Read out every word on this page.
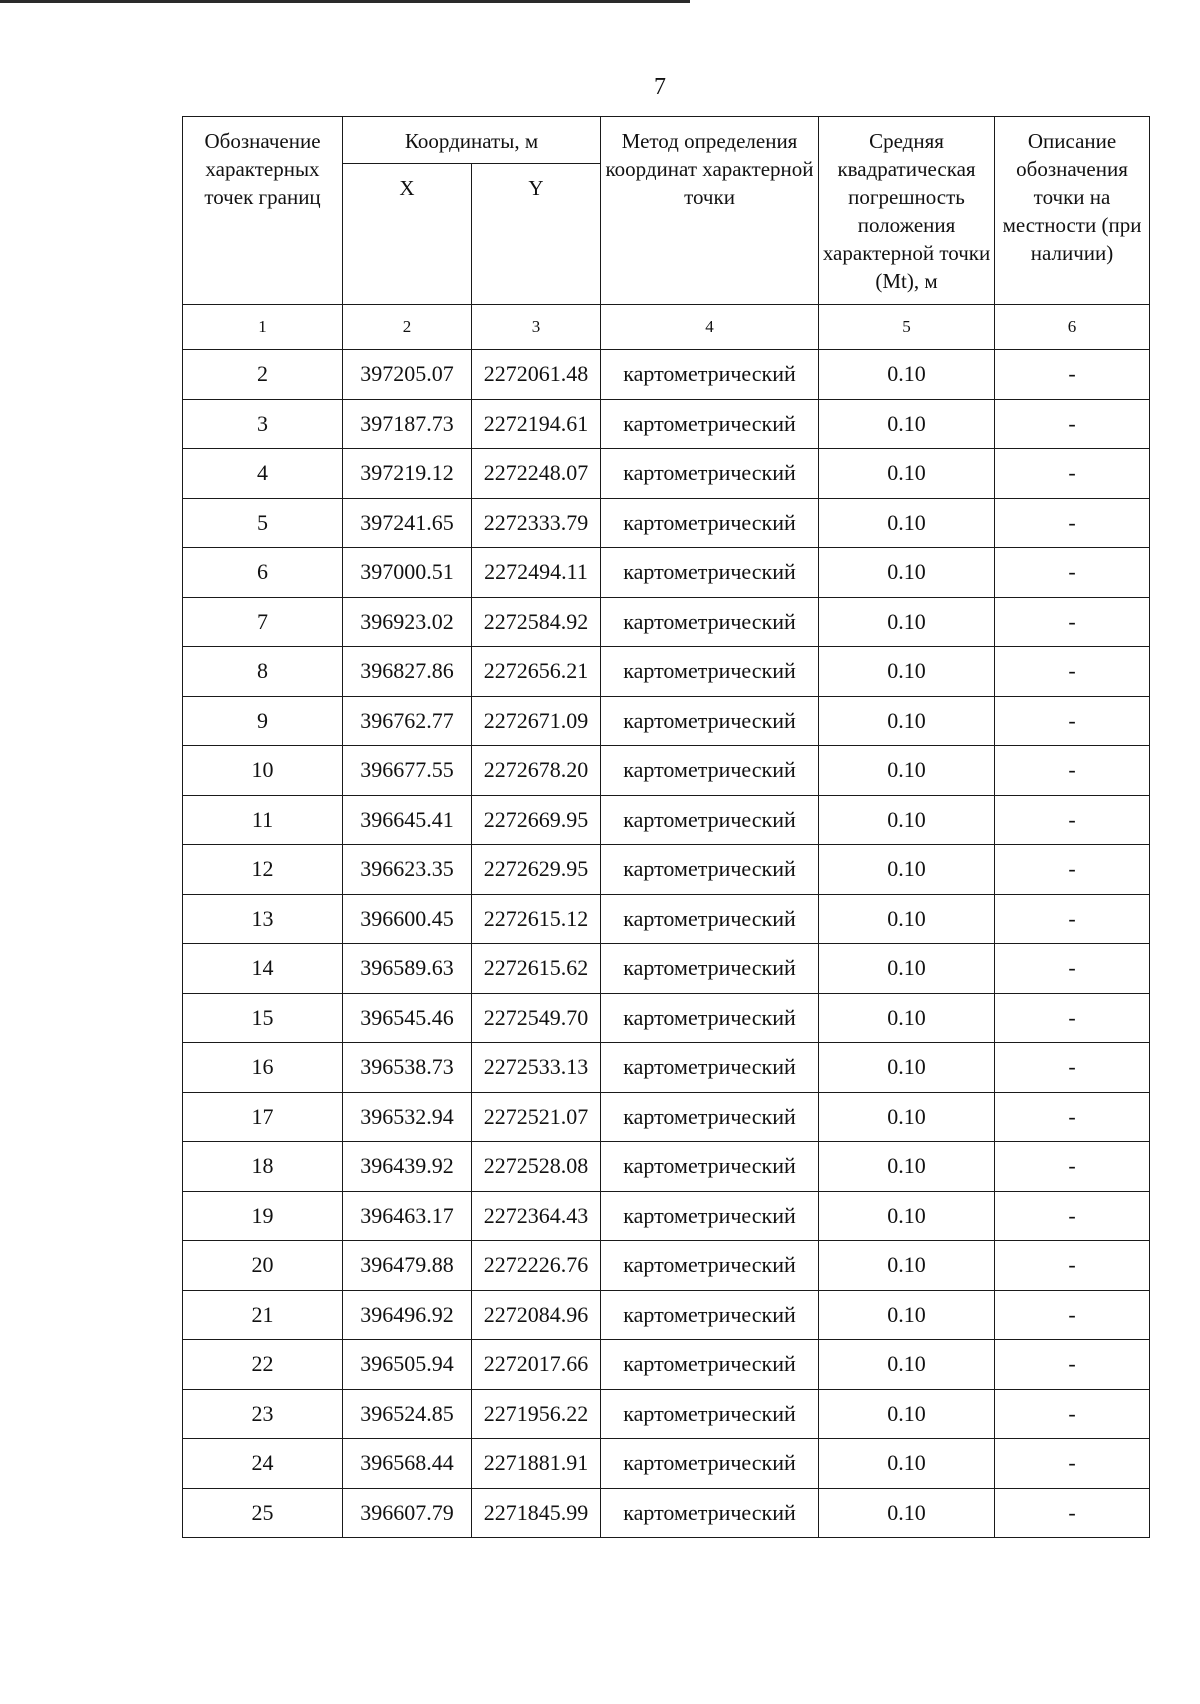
7
Обозначение характерных точек границ	Координаты, м		Метод определения координат характерной точки	Средняя квадратическая погрешность положения характерной точки (Mt), м	Описание обозначения точки на местности (при наличии)
	X	Y			
1	2	3	4	5	6
2	397205.07	2272061.48	картометрический	0.10	-
3	397187.73	2272194.61	картометрический	0.10	-
4	397219.12	2272248.07	картометрический	0.10	-
5	397241.65	2272333.79	картометрический	0.10	-
6	397000.51	2272494.11	картометрический	0.10	-
7	396923.02	2272584.92	картометрический	0.10	-
8	396827.86	2272656.21	картометрический	0.10	-
9	396762.77	2272671.09	картометрический	0.10	-
10	396677.55	2272678.20	картометрический	0.10	-
11	396645.41	2272669.95	картометрический	0.10	-
12	396623.35	2272629.95	картометрический	0.10	-
13	396600.45	2272615.12	картометрический	0.10	-
14	396589.63	2272615.62	картометрический	0.10	-
15	396545.46	2272549.70	картометрический	0.10	-
16	396538.73	2272533.13	картометрический	0.10	-
17	396532.94	2272521.07	картометрический	0.10	-
18	396439.92	2272528.08	картометрический	0.10	-
19	396463.17	2272364.43	картометрический	0.10	-
20	396479.88	2272226.76	картометрический	0.10	-
21	396496.92	2272084.96	картометрический	0.10	-
22	396505.94	2272017.66	картометрический	0.10	-
23	396524.85	2271956.22	картометрический	0.10	-
24	396568.44	2271881.91	картометрический	0.10	-
25	396607.79	2271845.99	картометрический	0.10	-
